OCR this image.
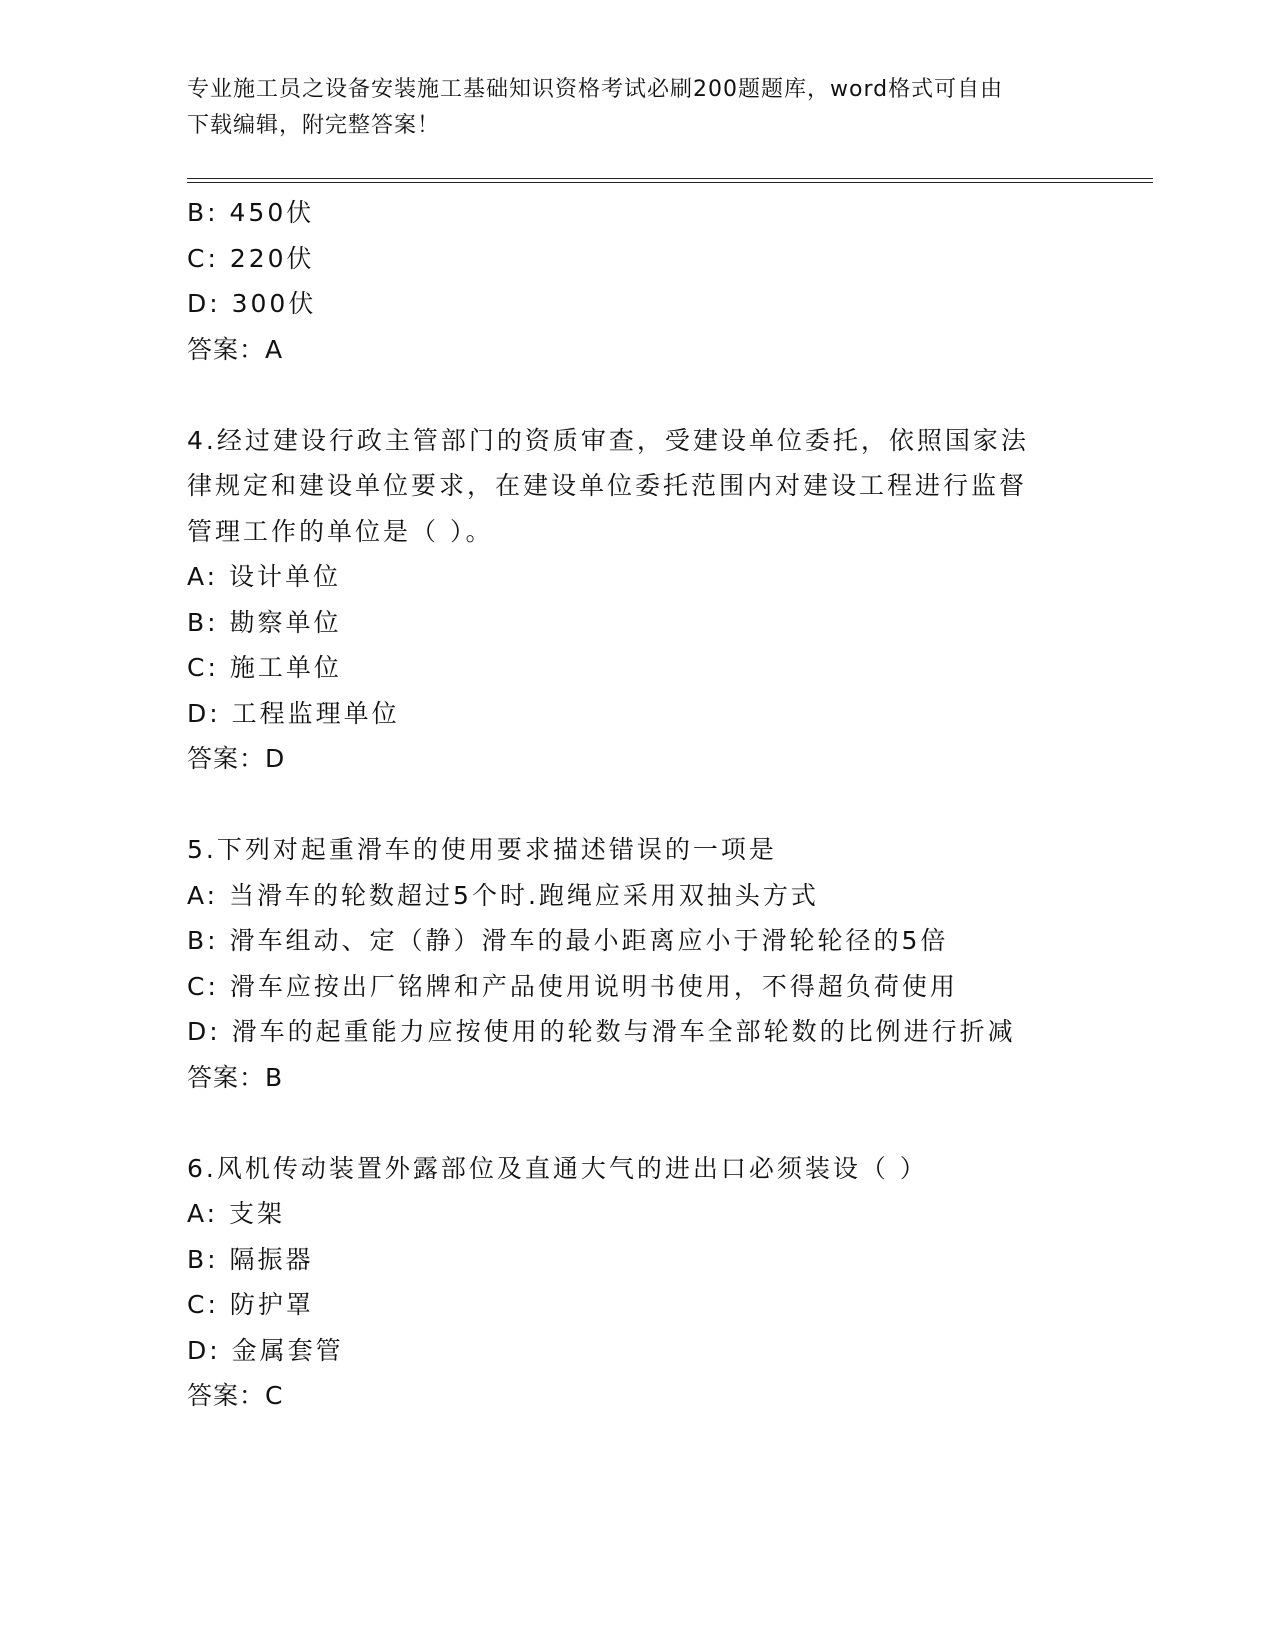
专业施工员之设备安装施工基础知识资格考试必刷200题题库，word格式可自由
下载编辑，附完整答案！
B: 450伏
C: 220伏
D: 300伏
答案：A
4.经过建设行政主管部门的资质审查，受建设单位委托，依照国家法
律规定和建设单位要求，在建设单位委托范围内对建设工程进行监督
管理工作的单位是（ ）。
A: 设计单位
B: 勘察单位
C: 施工单位
D: 工程监理单位
答案：D
5.下列对起重滑车的使用要求描述错误的一项是
A: 当滑车的轮数超过5个时.跑绳应采用双抽头方式
B: 滑车组动、定（静）滑车的最小距离应小于滑轮轮径的5倍
C: 滑车应按出厂铭牌和产品使用说明书使用，不得超负荷使用
D: 滑车的起重能力应按使用的轮数与滑车全部轮数的比例进行折减
答案：B
6.风机传动装置外露部位及直通大气的进出口必须装设（ ）
A: 支架
B: 隔振器
C: 防护罩
D: 金属套管
答案：C
